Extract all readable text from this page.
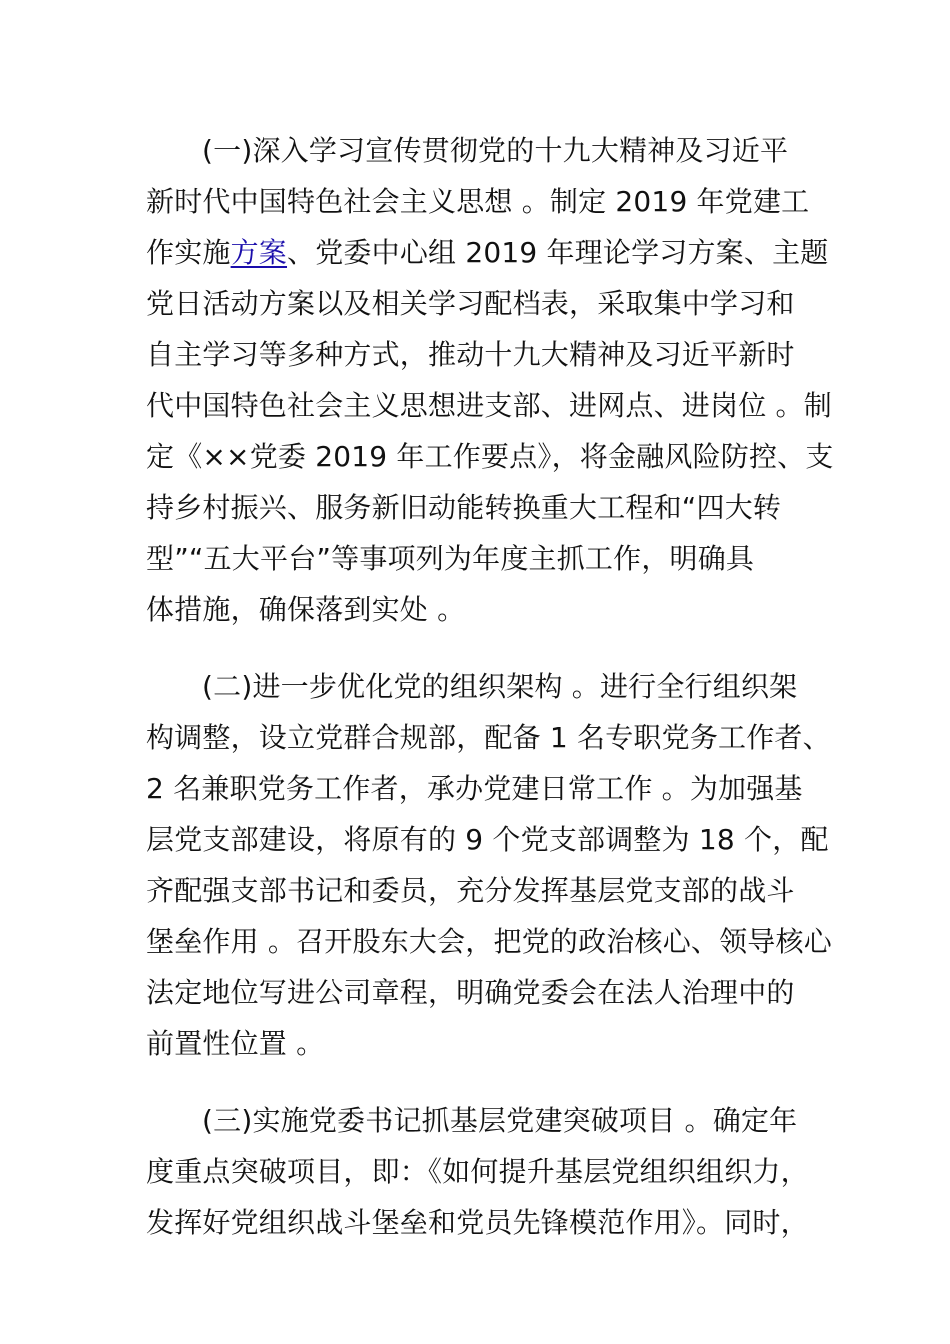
(一)深入学习宣传贯彻党的十九大精神及习近平
新时代中国特色社会主义思想 。制定 2019 年党建工
作实施方案、党委中心组 2019 年理论学习方案、主题
党日活动方案以及相关学习配档表，采取集中学习和
自主学习等多种方式，推动十九大精神及习近平新时
代中国特色社会主义思想进支部、进网点、进岗位 。制
定《××党委 2019 年工作要点》，将金融风险防控、支
持乡村振兴、服务新旧动能转换重大工程和“四大转
型”“五大平台”等事项列为年度主抓工作，明确具
体措施，确保落到实处 。
(二)进一步优化党的组织架构 。进行全行组织架
构调整，设立党群合规部，配备 1 名专职党务工作者、
2 名兼职党务工作者，承办党建日常工作 。为加强基
层党支部建设，将原有的 9 个党支部调整为 18 个，配
齐配强支部书记和委员，充分发挥基层党支部的战斗
堡垒作用 。召开股东大会，把党的政治核心、领导核心
法定地位写进公司章程，明确党委会在法人治理中的
前置性位置 。
(三)实施党委书记抓基层党建突破项目 。确定年
度重点突破项目，即：《如何提升基层党组织组织力，
发挥好党组织战斗堡垒和党员先锋模范作用》。同时，
